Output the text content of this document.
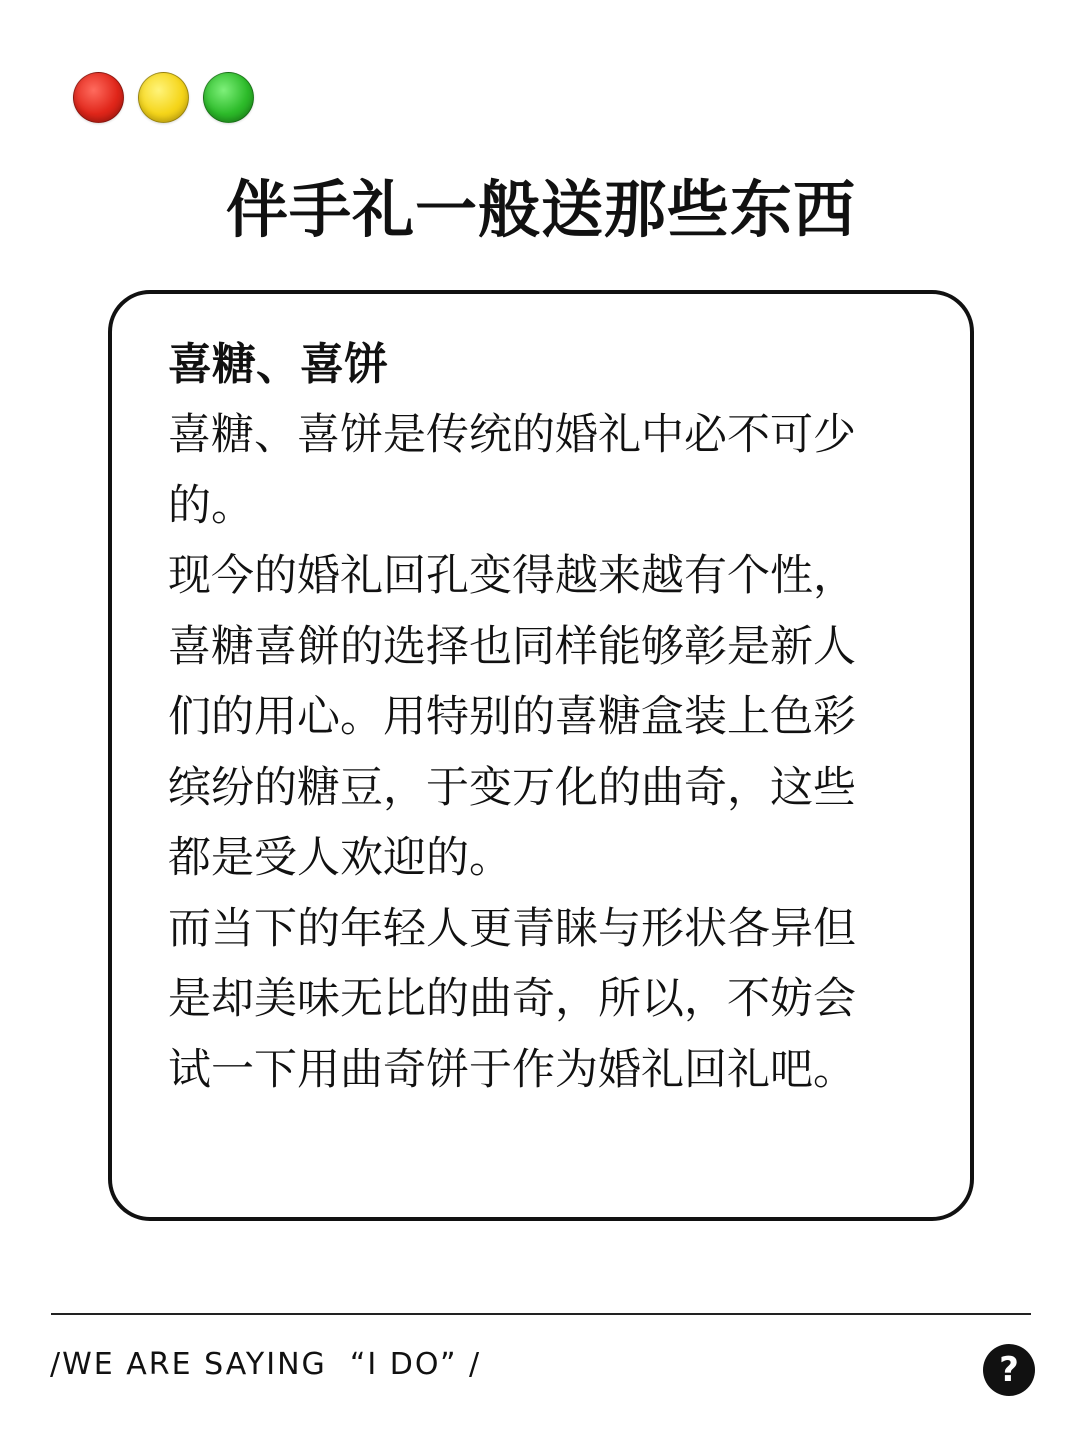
伴手礼一般送那些东西
喜糖、喜饼

喜糖、喜饼是传统的婚礼中必不可少的。

现今的婚礼回孔变得越来越有个性，喜糖喜餅的选择也同样能够彰是新人们的用心。用特别的喜糖盒装上色彩缤纷的糖豆，于变万化的曲奇，这些都是受人欢迎的。

而当下的年轻人更青睐与形状各异但是却美味无比的曲奇，所以，不妨会试一下用曲奇饼于作为婚礼回礼吧。

/WE ARE SAYING  “I DO” /	?
